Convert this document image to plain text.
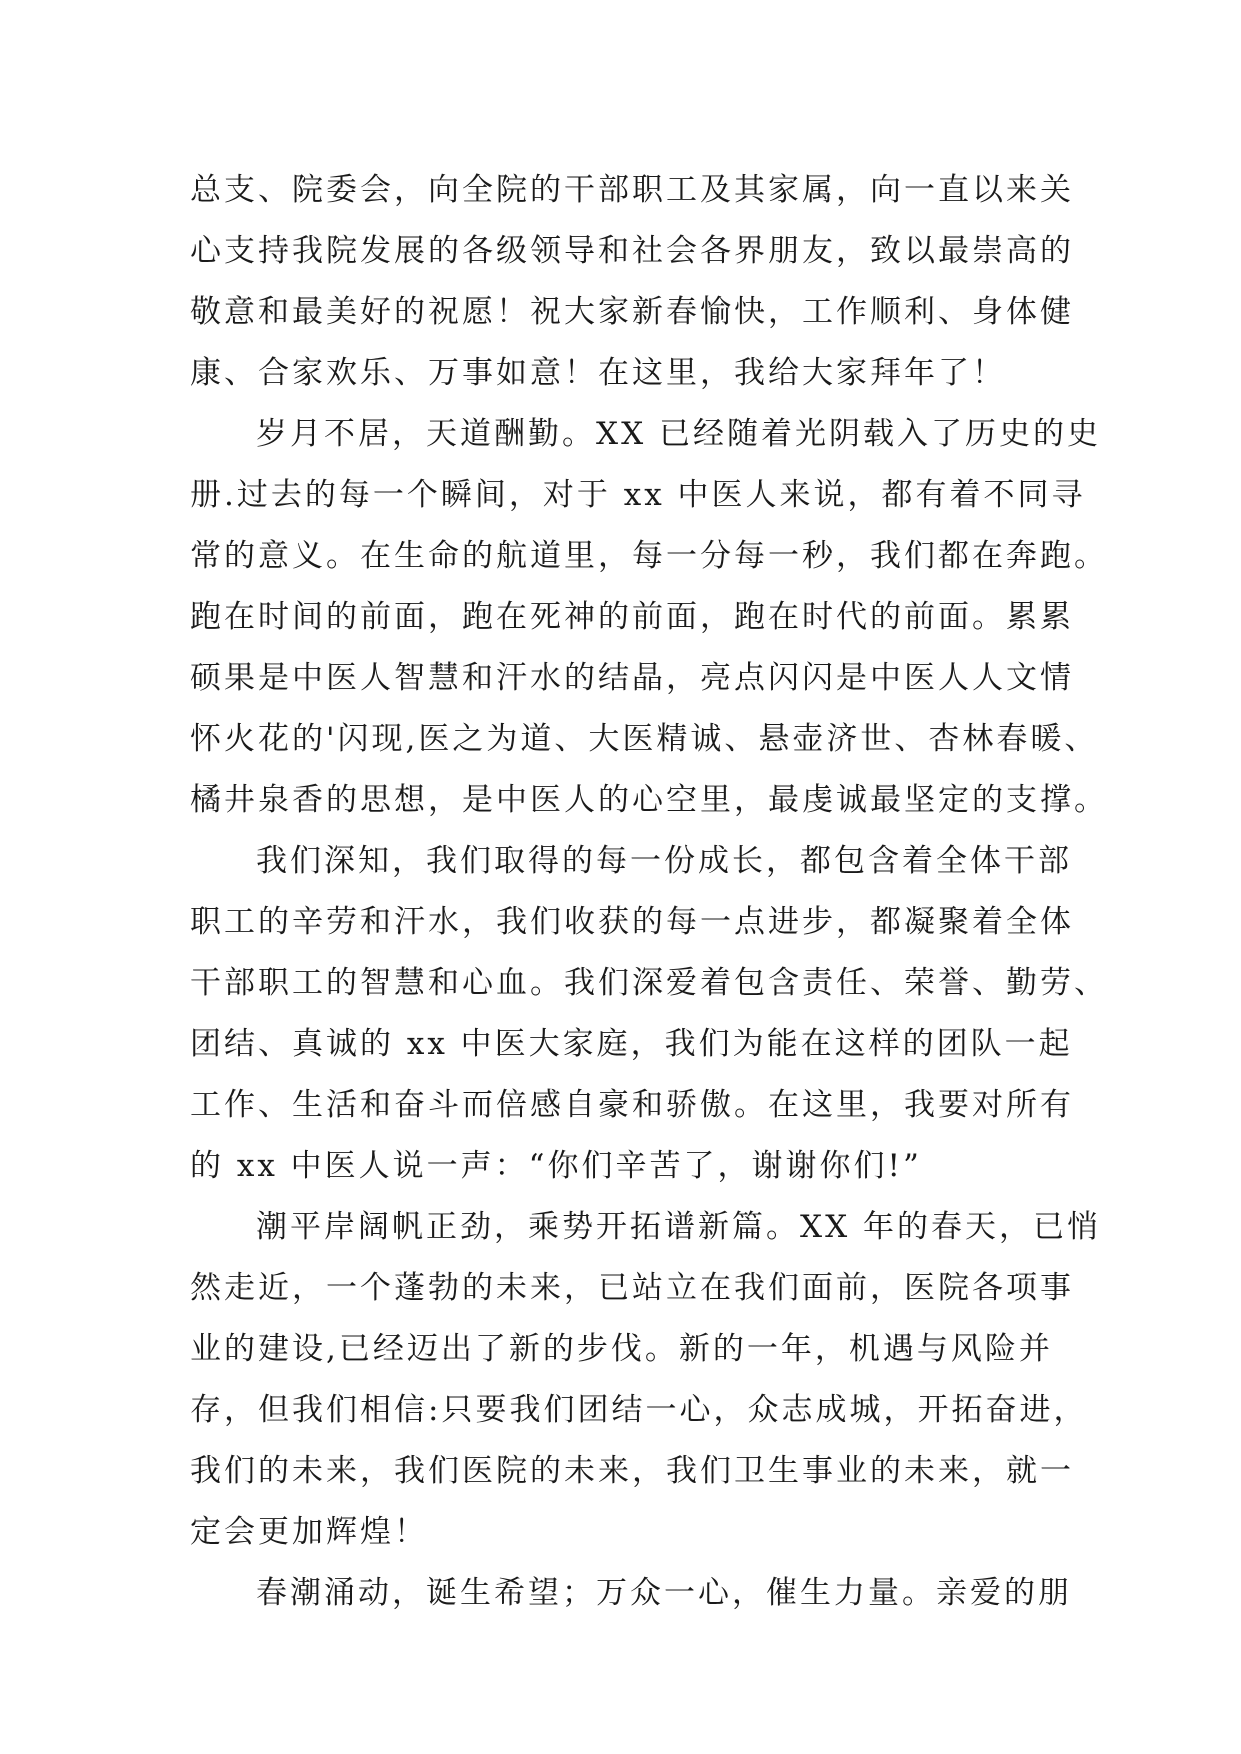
总支、院委会，向全院的干部职工及其家属，向一直以来关
心支持我院发展的各级领导和社会各界朋友，致以最崇高的
敬意和最美好的祝愿！祝大家新春愉快，工作顺利、身体健
康、合家欢乐、万事如意！在这里，我给大家拜年了！

岁月不居，天道酬勤。XX 已经随着光阴载入了历史的史
册.过去的每一个瞬间，对于 xx 中医人来说，都有着不同寻
常的意义。在生命的航道里，每一分每一秒，我们都在奔跑。
跑在时间的前面，跑在死神的前面，跑在时代的前面。累累
硕果是中医人智慧和汗水的结晶，亮点闪闪是中医人人文情
怀火花的'闪现,医之为道、大医精诚、悬壶济世、杏林春暖、
橘井泉香的思想，是中医人的心空里，最虔诚最坚定的支撑。

我们深知，我们取得的每一份成长，都包含着全体干部
职工的辛劳和汗水，我们收获的每一点进步，都凝聚着全体
干部职工的智慧和心血。我们深爱着包含责任、荣誉、勤劳、
团结、真诚的 xx 中医大家庭，我们为能在这样的团队一起
工作、生活和奋斗而倍感自豪和骄傲。在这里，我要对所有
的 xx 中医人说一声：“你们辛苦了，谢谢你们!”

潮平岸阔帆正劲，乘势开拓谱新篇。XX 年的春天，已悄
然走近，一个蓬勃的未来，已站立在我们面前，医院各项事
业的建设,已经迈出了新的步伐。新的一年，机遇与风险并
存，但我们相信:只要我们团结一心，众志成城，开拓奋进，
我们的未来，我们医院的未来，我们卫生事业的未来，就一
定会更加辉煌！

春潮涌动，诞生希望；万众一心，催生力量。亲爱的朋
